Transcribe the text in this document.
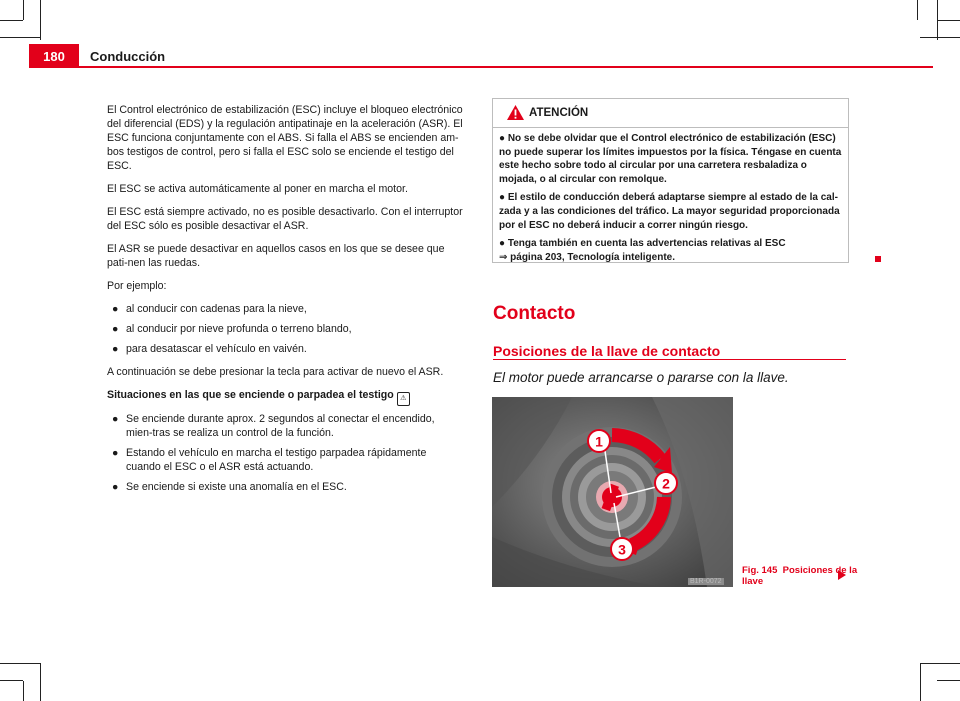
180	Conducción

El Control electrónico de estabilización (ESC) incluye el bloqueo electrónico del diferencial (EDS) y la regulación antipatinaje en la aceleración (ASR). El ESC funciona conjuntamente con el ABS. Si falla el ABS se encienden am-bos testigos de control, pero si falla el ESC solo se enciende el testigo del ESC.

El ESC se activa automáticamente al poner en marcha el motor.

El ESC está siempre activado, no es posible desactivarlo. Con el interruptor del ESC sólo es posible desactivar el ASR.

El ASR se puede desactivar en aquellos casos en los que se desee que pati-nen las ruedas.

Por ejemplo:

● al conducir con cadenas para la nieve,
● al conducir por nieve profunda o terreno blando,
● para desatascar el vehículo en vaivén.

A continuación se debe presionar la tecla para activar de nuevo el ASR.

Situaciones en las que se enciende o parpadea el testigo ⚠
● Se enciende durante aprox. 2 segundos al conectar el encendido, mien-tras se realiza un control de la función.
● Estando el vehículo en marcha el testigo parpadea rápidamente cuando el ESC o el ASR está actuando.
● Se enciende si existe una anomalía en el ESC.
ATENCIÓN
● No se debe olvidar que el Control electrónico de estabilización (ESC) no puede superar los límites impuestos por la física. Téngase en cuenta este hecho sobre todo al circular por una carretera resbaladiza o mojada, o al circular con remolque.
● El estilo de conducción deberá adaptarse siempre al estado de la cal-zada y a las condiciones del tráfico. La mayor seguridad proporcionada por el ESC no deberá inducir a correr ningún riesgo.
● Tenga también en cuenta las advertencias relativas al ESC
⇒ página 203, Tecnología inteligente.
Contacto
Posiciones de la llave de contacto
El motor puede arrancarse o pararse con la llave.
1
2
3
B1R-0072
Fig. 145 Posiciones de la
llave
